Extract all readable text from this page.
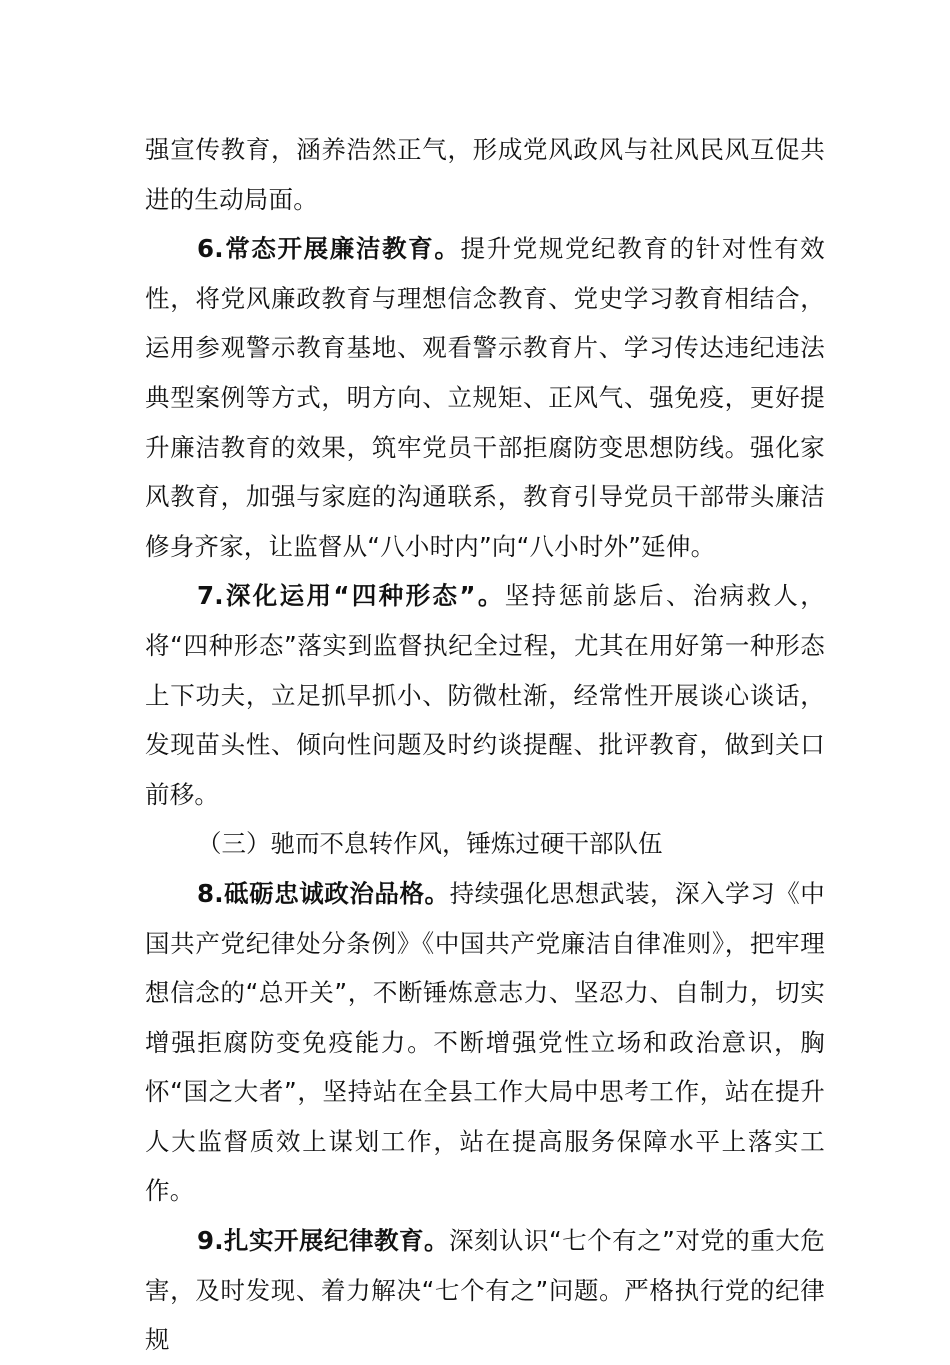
强宣传教育，涵养浩然正气，形成党风政风与社风民风互促共进的生动局面。

6.常态开展廉洁教育。提升党规党纪教育的针对性有效性，将党风廉政教育与理想信念教育、党史学习教育相结合，运用参观警示教育基地、观看警示教育片、学习传达违纪违法典型案例等方式，明方向、立规矩、正风气、强免疫，更好提升廉洁教育的效果，筑牢党员干部拒腐防变思想防线。强化家风教育，加强与家庭的沟通联系，教育引导党员干部带头廉洁修身齐家，让监督从“八小时内”向“八小时外”延伸。

7.深化运用“四种形态”。坚持惩前毖后、治病救人，将“四种形态”落实到监督执纪全过程，尤其在用好第一种形态上下功夫，立足抓早抓小、防微杜渐，经常性开展谈心谈话，发现苗头性、倾向性问题及时约谈提醒、批评教育，做到关口前移。

（三）驰而不息转作风，锤炼过硬干部队伍

8.砥砺忠诚政治品格。持续强化思想武装，深入学习《中国共产党纪律处分条例》《中国共产党廉洁自律准则》，把牢理想信念的“总开关”，不断锤炼意志力、坚忍力、自制力，切实增强拒腐防变免疫能力。不断增强党性立场和政治意识，胸怀“国之大者”，坚持站在全县工作大局中思考工作，站在提升人大监督质效上谋划工作，站在提高服务保障水平上落实工作。

9.扎实开展纪律教育。深刻认识“七个有之”对党的重大危害，及时发现、着力解决“七个有之”问题。严格执行党的纪律规
